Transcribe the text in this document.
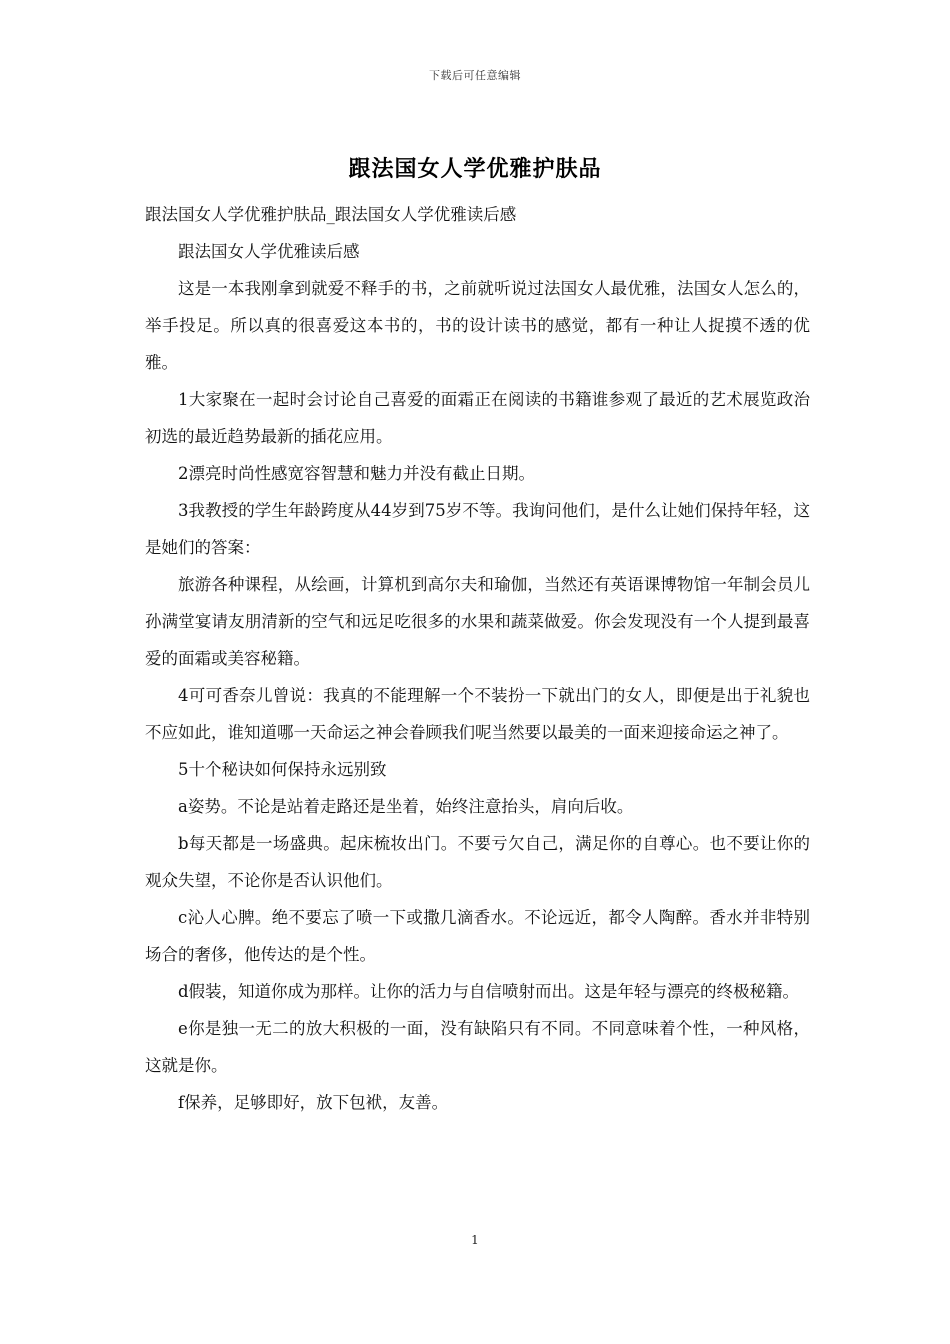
下载后可任意编辑
跟法国女人学优雅护肤品

跟法国女人学优雅护肤品_跟法国女人学优雅读后感

跟法国女人学优雅读后感

这是一本我刚拿到就爱不释手的书，之前就听说过法国女人最优雅，法国女人怎么的，举手投足。所以真的很喜爱这本书的，书的设计读书的感觉，都有一种让人捉摸不透的优雅。

1大家聚在一起时会讨论自己喜爱的面霜正在阅读的书籍谁参观了最近的艺术展览政治初选的最近趋势最新的插花应用。

2漂亮时尚性感宽容智慧和魅力并没有截止日期。

3我教授的学生年龄跨度从44岁到75岁不等。我询问他们，是什么让她们保持年轻，这是她们的答案：

旅游各种课程，从绘画，计算机到高尔夫和瑜伽，当然还有英语课博物馆一年制会员儿孙满堂宴请友朋清新的空气和远足吃很多的水果和蔬菜做爱。你会发现没有一个人提到最喜爱的面霜或美容秘籍。

4可可香奈儿曾说：我真的不能理解一个不装扮一下就出门的女人，即便是出于礼貌也不应如此，谁知道哪一天命运之神会眷顾我们呢当然要以最美的一面来迎接命运之神了。

5十个秘诀如何保持永远别致

a姿势。不论是站着走路还是坐着，始终注意抬头，肩向后收。

b每天都是一场盛典。起床梳妆出门。不要亏欠自己，满足你的自尊心。也不要让你的观众失望，不论你是否认识他们。

c沁人心脾。绝不要忘了喷一下或撒几滴香水。不论远近，都令人陶醉。香水并非特别场合的奢侈，他传达的是个性。

d假装，知道你成为那样。让你的活力与自信喷射而出。这是年轻与漂亮的终极秘籍。

e你是独一无二的放大积极的一面，没有缺陷只有不同。不同意味着个性，一种风格，这就是你。

f保养，足够即好，放下包袱，友善。

1
